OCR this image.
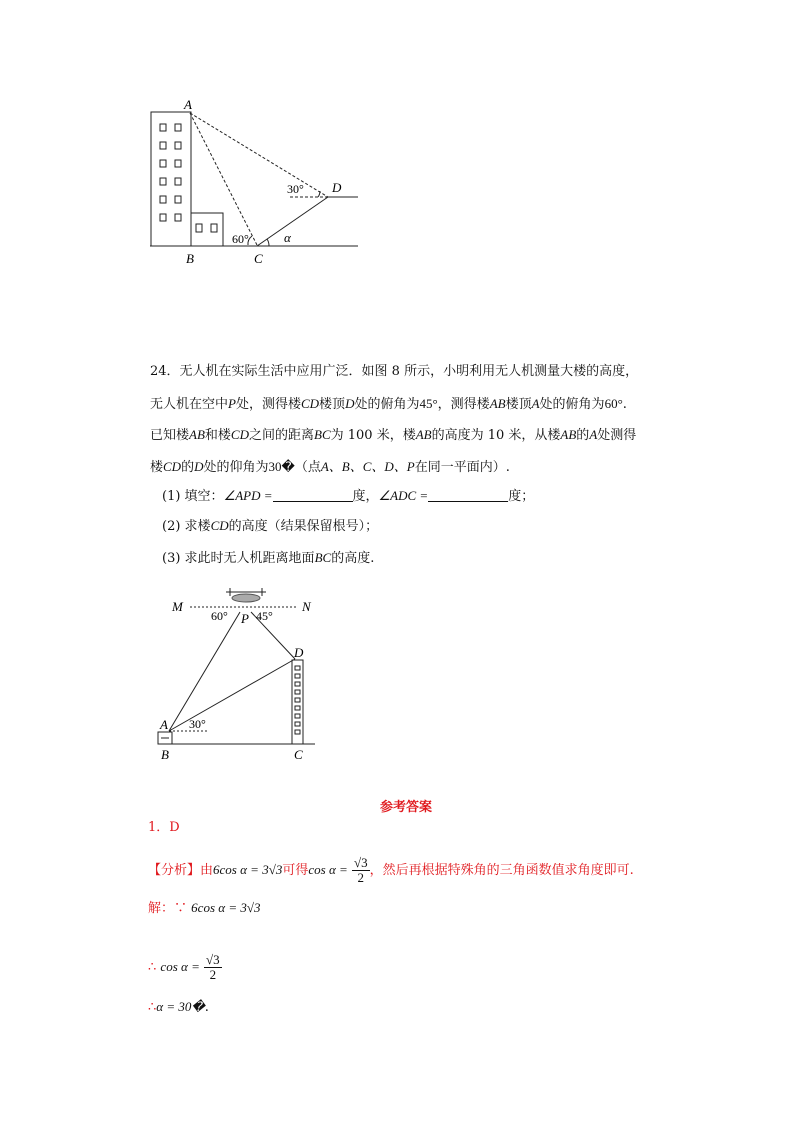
A
B	C
D
60°
30°
α
24．无人机在实际生活中应用广泛．如图 8 所示，小明利用无人机测量大楼的高度，
无人机在空中P处，测得楼CD楼顶D处的俯角为45°，测得楼AB楼顶A处的俯角为60°.
已知楼AB和楼CD之间的距离BC为 100 米，楼AB的高度为 10 米，从楼AB的A处测得
楼CD的D处的仰角为30�（点A、B、C、D、P在同一平面内）.
(1) 填空：∠APD =	度，∠ADC =	度；
(2) 求楼CD的高度（结果保留根号）；
(3) 求此时无人机距离地面BC的高度.
M	N
P
60° 45°
D
A 30°
B	C
参考答案
1．D
【分析】由6cos α = 3√3可得$\cos \alpha = \frac{√3}{2}$ ，然后再根据特殊角的三角函数值求角度即可.
解：∵ 6cos α = 3√3
∴ $\cos \alpha = \frac{√3}{2}$
∴α = 30�.
